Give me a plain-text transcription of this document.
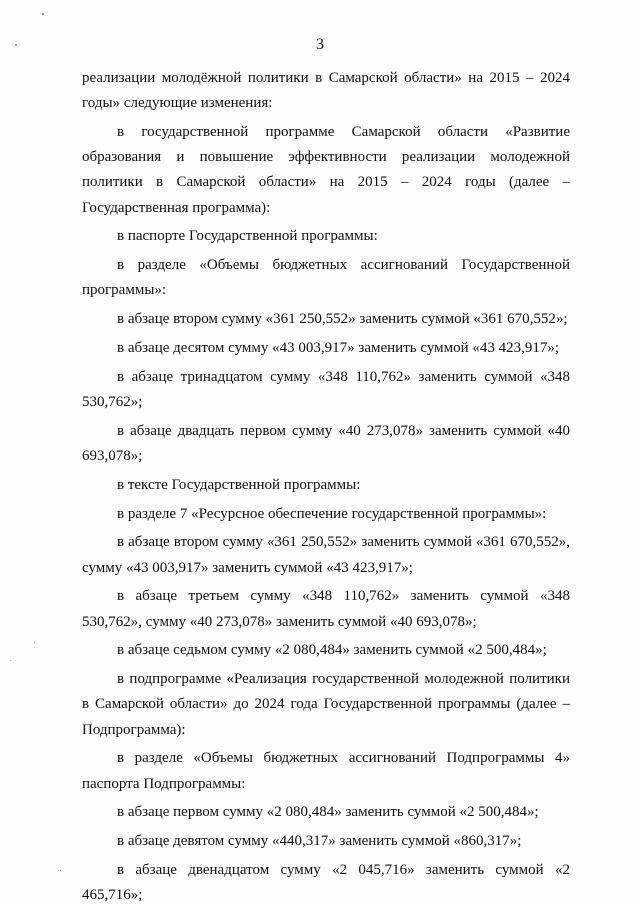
3

реализации молодёжной политики в Самарской области» на 2015 – 2024 годы» следующие изменения:

в государственной программе Самарской области «Развитие образования и повышение эффективности реализации молодежной политики в Самарской области» на 2015 – 2024 годы (далее – Государственная программа):

в паспорте Государственной программы:

в разделе «Объемы бюджетных ассигнований Государственной программы»:

в абзаце втором сумму «361 250,552» заменить суммой «361 670,552»;

в абзаце десятом сумму «43 003,917» заменить суммой «43 423,917»;

в абзаце тринадцатом сумму «348 110,762» заменить суммой «348 530,762»;

в абзаце двадцать первом сумму «40 273,078» заменить суммой «40 693,078»;

в тексте Государственной программы:

в разделе 7 «Ресурсное обеспечение государственной программы»:

в абзаце втором сумму «361 250,552» заменить суммой «361 670,552», сумму «43 003,917» заменить суммой «43 423,917»;

в абзаце третьем сумму «348 110,762» заменить суммой «348 530,762», сумму «40 273,078» заменить суммой «40 693,078»;

в абзаце седьмом сумму «2 080,484» заменить суммой «2 500,484»;

в подпрограмме «Реализация государственной молодежной политики в Самарской области» до 2024 года Государственной программы (далее – Подпрограмма):

в разделе «Объемы бюджетных ассигнований Подпрограммы 4» паспорта Подпрограммы:

в абзаце первом сумму «2 080,484» заменить суммой «2 500,484»;

в абзаце девятом сумму «440,317» заменить суммой «860,317»;

в абзаце двенадцатом сумму «2 045,716» заменить суммой «2 465,716»;
